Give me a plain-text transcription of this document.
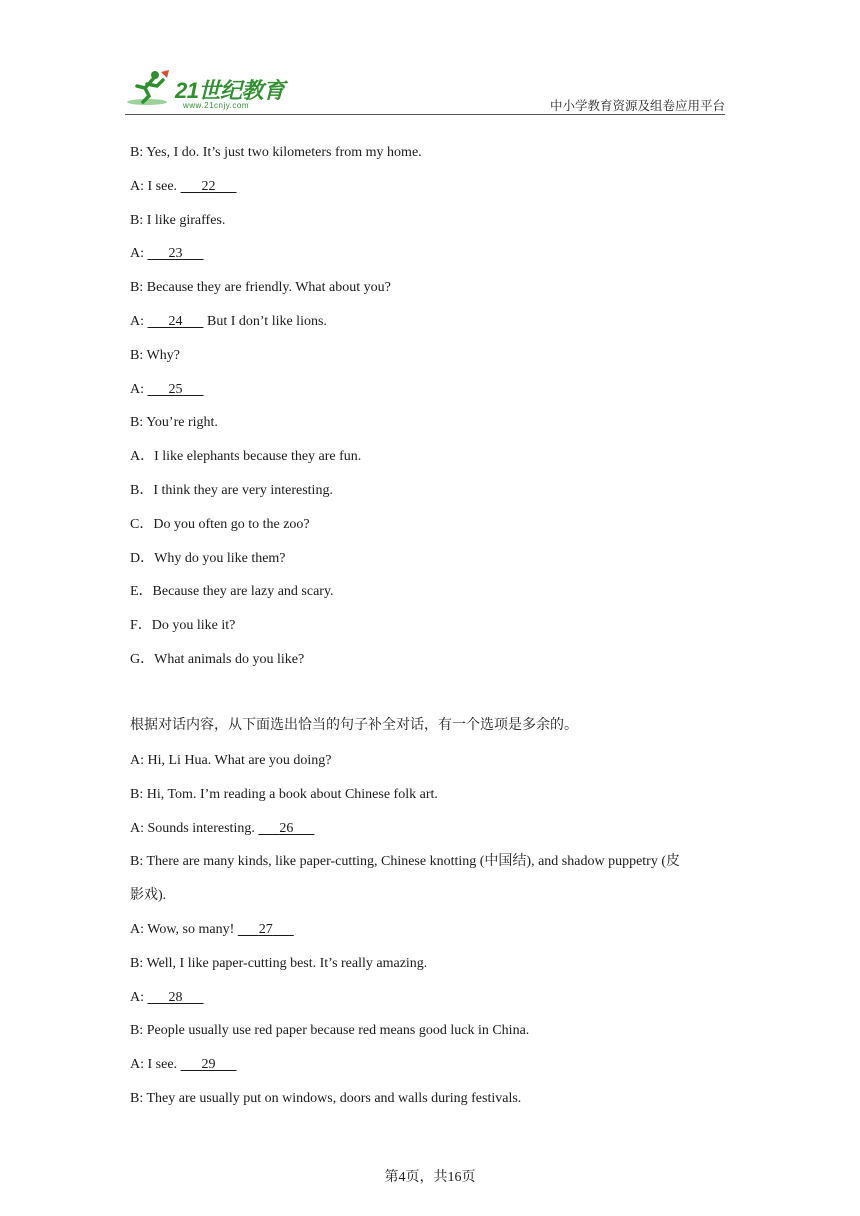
21世纪教育
www.21cnjy.com	中小学教育资源及组卷应用平台
B: Yes, I do. It’s just two kilometers from my home.
A: I see.       22
B: I like giraffes.
A:       23
B: Because they are friendly. What about you?
A:       24       But I don’t like lions.
B: Why?
A:       25
B: You’re right.
A．I like elephants because they are fun.
B．I think they are very interesting.
C．Do you often go to the zoo?
D．Why do you like them?
E．Because they are lazy and scary.
F．Do you like it?
G．What animals do you like?
根据对话内容，从下面选出恰当的句子补全对话，有一个选项是多余的。
A: Hi, Li Hua. What are you doing?
B: Hi, Tom. I’m reading a book about Chinese folk art.
A: Sounds interesting.       26
B: There are many kinds, like paper-cutting, Chinese knotting (中国结), and shadow puppetry (皮
影戏).
A: Wow, so many!       27
B: Well, I like paper-cutting best. It’s really amazing.
A:       28
B: People usually use red paper because red means good luck in China.
A: I see.       29
B: They are usually put on windows, doors and walls during festivals.
第4页，共16页
